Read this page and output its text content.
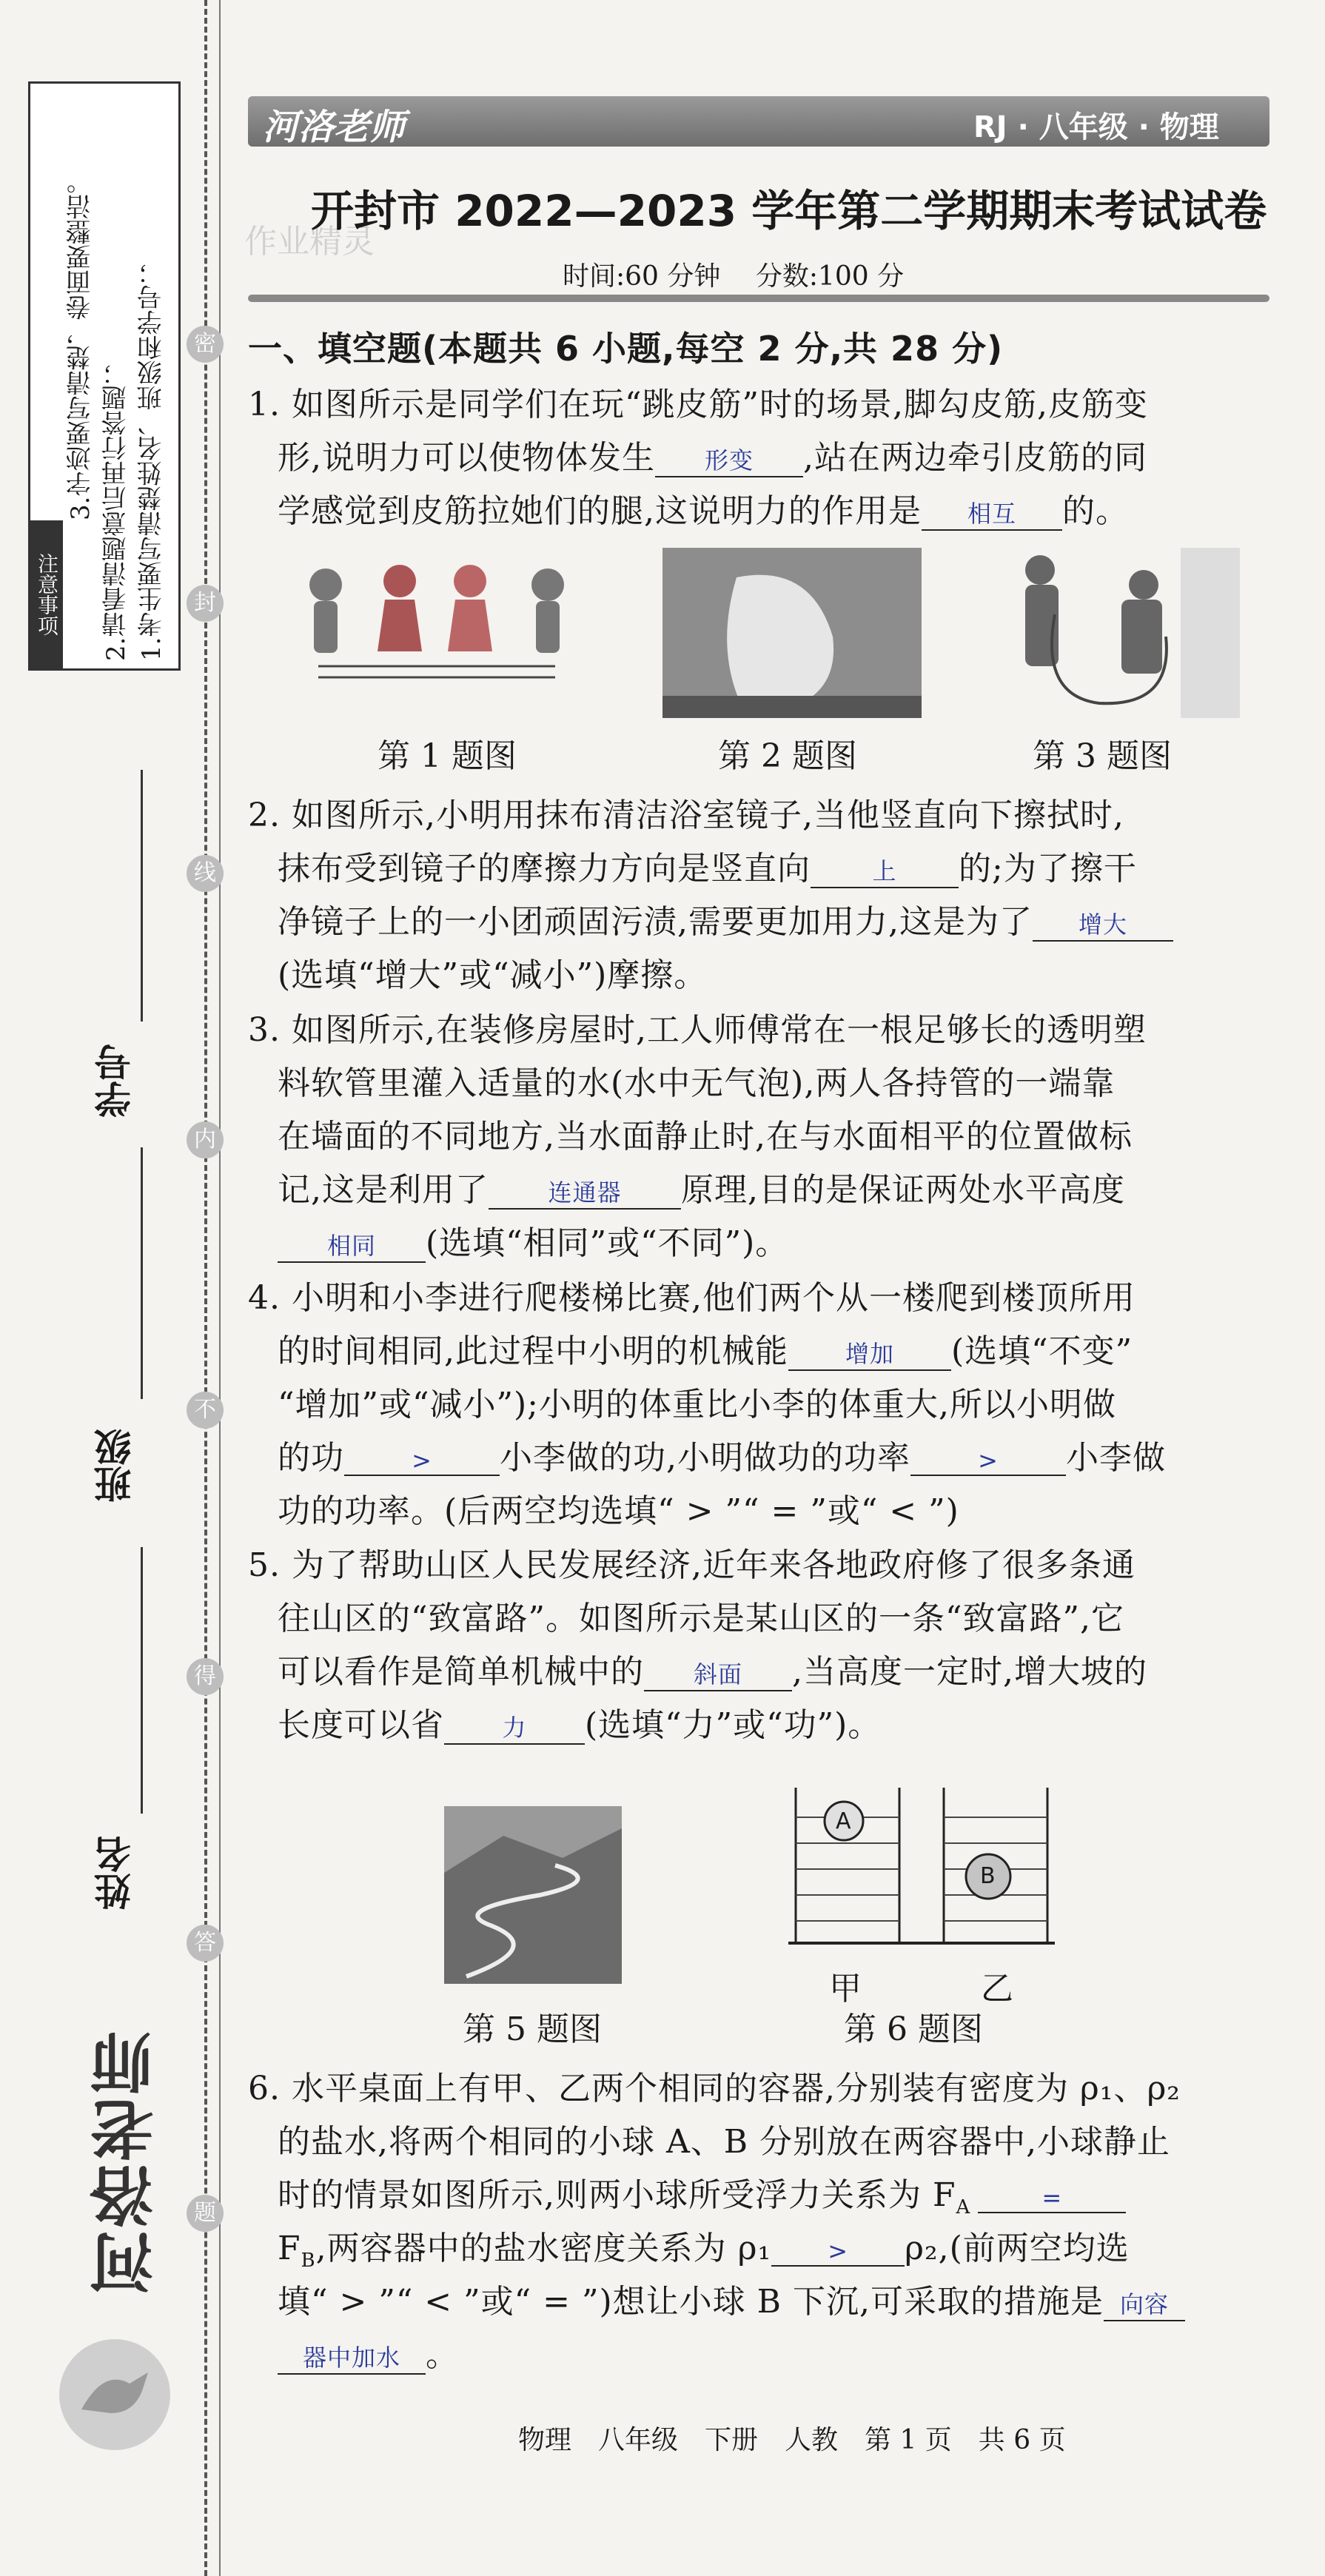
密
封
线
内
不
得
答
题
注意事项	1.考生要写清楚姓名、班级和学号；
2.请看清题意后再行答题；
3.字迹要写清楚，卷面要整洁。
学号
班级
姓名
河洛老师
河洛老师	RJ · 八年级 · 物理
作业精灵
开封市 2022—2023 学年第二学期期末考试试卷
时间:60 分钟　 分数:100 分
一、填空题(本题共 6 小题,每空 2 分,共 28 分)
1. 如图所示是同学们在玩“跳皮筋”时的场景,脚勾皮筋,皮筋变
形,说明力可以使物体发生 形变 ,站在两边牵引皮筋的同
学感觉到皮筋拉她们的腿,这说明力的作用是 相互 的。
第 1 题图	第 2 题图	第 3 题图
2. 如图所示,小明用抹布清洁浴室镜子,当他竖直向下擦拭时,
抹布受到镜子的摩擦力方向是竖直向	上 的;为了擦干
净镜子上的一小团顽固污渍,需要更加用力,这是为了 增大
(选填“增大”或“减小”)摩擦。
3. 如图所示,在装修房屋时,工人师傅常在一根足够长的透明塑
料软管里灌入适量的水(水中无气泡),两人各持管的一端靠
在墙面的不同地方,当水面静止时,在与水面相平的位置做标
记,这是利用了	连通器 原理,目的是保证两处水平高度
相同 (选填“相同”或“不同”)。
4. 小明和小李进行爬楼梯比赛,他们两个从一楼爬到楼顶所用
的时间相同,此过程中小明的机械能 增加 (选填“不变”
“增加”或“减小”);小明的体重比小李的体重大,所以小明做
的功	> 小李做的功,小明做功的功率	> 小李做
功的功率。(后两空均选填“ > ”“ = ”或“ < ”)
5. 为了帮助山区人民发展经济,近年来各地政府修了很多条通
往山区的“致富路”。如图所示是某山区的一条“致富路”,它
可以看作是简单机械中的 斜面 ,当高度一定时,增大坡的
长度可以省 力 (选填“力”或“功”)。
A
B
甲	乙
第 5 题图	第 6 题图
6. 水平桌面上有甲、乙两个相同的容器,分别装有密度为 ρ₁、ρ₂
的盐水,将两个相同的小球 A、B 分别放在两容器中,小球静止
时的情景如图所示,则两小球所受浮力关系为 $F_A$	=
$F_B$,两容器中的盐水密度关系为 ρ₁ > ρ₂,(前两空均选
填“ > ”“ < ”或“ = ”)想让小球 B 下沉,可采取的措施是 向容
器中加水 。
物理　八年级　下册　人教　第 1 页　共 6 页
